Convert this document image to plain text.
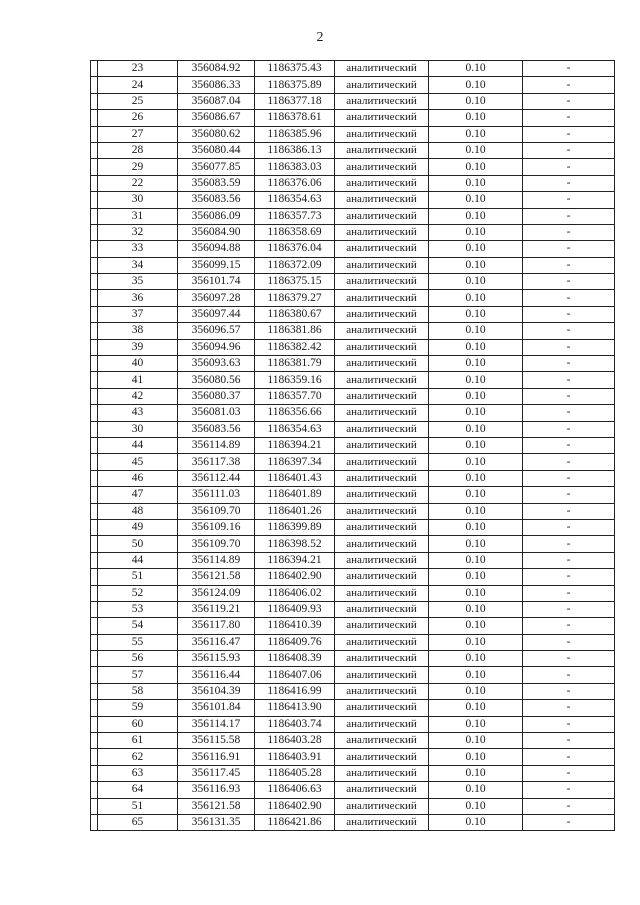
2
	23	356084.92	1186375.43	аналитический	0.10	-
	24	356086.33	1186375.89	аналитический	0.10	-
	25	356087.04	1186377.18	аналитический	0.10	-
	26	356086.67	1186378.61	аналитический	0.10	-
	27	356080.62	1186385.96	аналитический	0.10	-
	28	356080.44	1186386.13	аналитический	0.10	-
	29	356077.85	1186383.03	аналитический	0.10	-
	22	356083.59	1186376.06	аналитический	0.10	-
	30	356083.56	1186354.63	аналитический	0.10	-
	31	356086.09	1186357.73	аналитический	0.10	-
	32	356084.90	1186358.69	аналитический	0.10	-
	33	356094.88	1186376.04	аналитический	0.10	-
	34	356099.15	1186372.09	аналитический	0.10	-
	35	356101.74	1186375.15	аналитический	0.10	-
	36	356097.28	1186379.27	аналитический	0.10	-
	37	356097.44	1186380.67	аналитический	0.10	-
	38	356096.57	1186381.86	аналитический	0.10	-
	39	356094.96	1186382.42	аналитический	0.10	-
	40	356093.63	1186381.79	аналитический	0.10	-
	41	356080.56	1186359.16	аналитический	0.10	-
	42	356080.37	1186357.70	аналитический	0.10	-
	43	356081.03	1186356.66	аналитический	0.10	-
	30	356083.56	1186354.63	аналитический	0.10	-
	44	356114.89	1186394.21	аналитический	0.10	-
	45	356117.38	1186397.34	аналитический	0.10	-
	46	356112.44	1186401.43	аналитический	0.10	-
	47	356111.03	1186401.89	аналитический	0.10	-
	48	356109.70	1186401.26	аналитический	0.10	-
	49	356109.16	1186399.89	аналитический	0.10	-
	50	356109.70	1186398.52	аналитический	0.10	-
	44	356114.89	1186394.21	аналитический	0.10	-
	51	356121.58	1186402.90	аналитический	0.10	-
	52	356124.09	1186406.02	аналитический	0.10	-
	53	356119.21	1186409.93	аналитический	0.10	-
	54	356117.80	1186410.39	аналитический	0.10	-
	55	356116.47	1186409.76	аналитический	0.10	-
	56	356115.93	1186408.39	аналитический	0.10	-
	57	356116.44	1186407.06	аналитический	0.10	-
	58	356104.39	1186416.99	аналитический	0.10	-
	59	356101.84	1186413.90	аналитический	0.10	-
	60	356114.17	1186403.74	аналитический	0.10	-
	61	356115.58	1186403.28	аналитический	0.10	-
	62	356116.91	1186403.91	аналитический	0.10	-
	63	356117.45	1186405.28	аналитический	0.10	-
	64	356116.93	1186406.63	аналитический	0.10	-
	51	356121.58	1186402.90	аналитический	0.10	-
	65	356131.35	1186421.86	аналитический	0.10	-
